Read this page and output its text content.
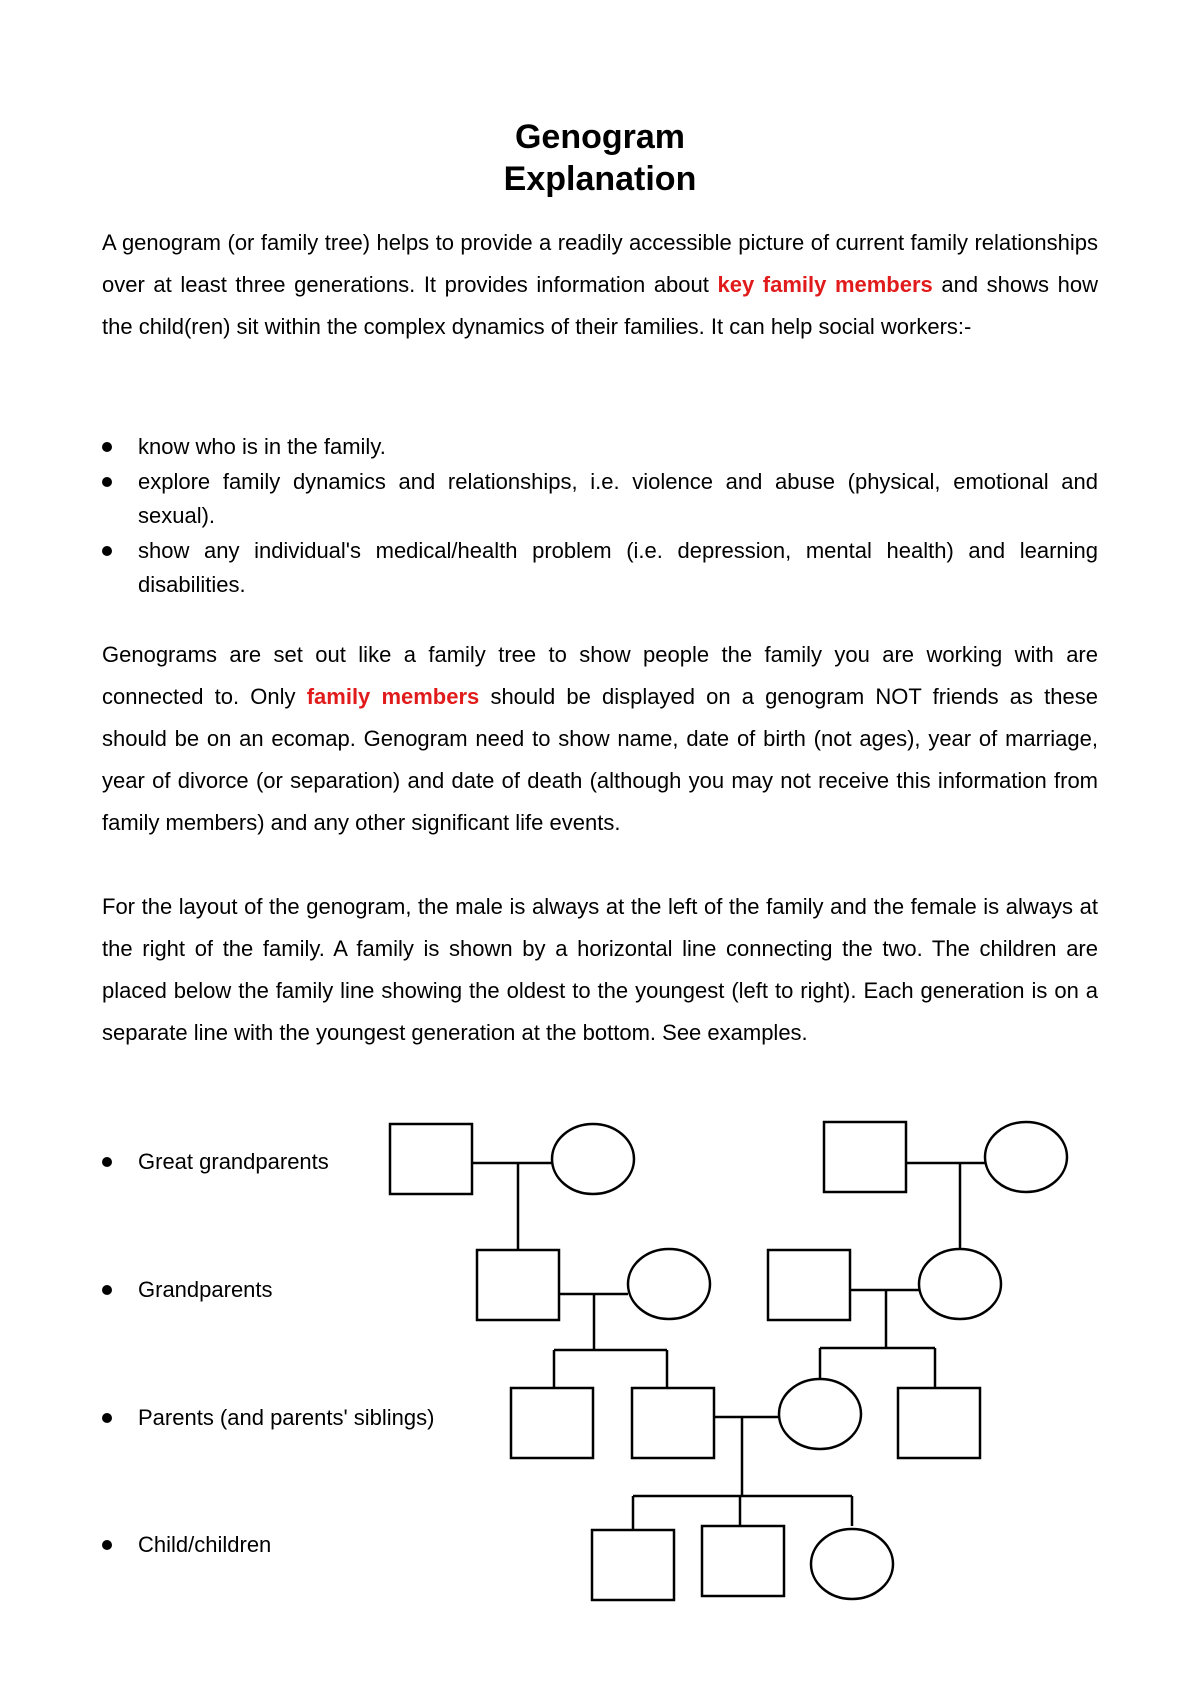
Genogram
Explanation

A genogram (or family tree) helps to provide a readily accessible picture of current family relationships over at least three generations. It provides information about key family members and shows how the child(ren) sit within the complex dynamics of their families. It can help social workers:-

know who is in the family.
explore family dynamics and relationships, i.e. violence and abuse (physical, emotional and sexual).
show any individual's medical/health problem (i.e. depression, mental health) and learning disabilities.

Genograms are set out like a family tree to show people the family you are working with are connected to. Only family members should be displayed on a genogram NOT friends as these should be on an ecomap. Genogram need to show name, date of birth (not ages), year of marriage, year of divorce (or separation) and date of death (although you may not receive this information from family members) and any other significant life events.

For the layout of the genogram, the male is always at the left of the family and the female is always at the right of the family. A family is shown by a horizontal line connecting the two. The children are placed below the family line showing the oldest to the youngest (left to right). Each generation is on a separate line with the youngest generation at the bottom. See examples.

Great grandparents
Grandparents
Parents (and parents' siblings)
Child/children
